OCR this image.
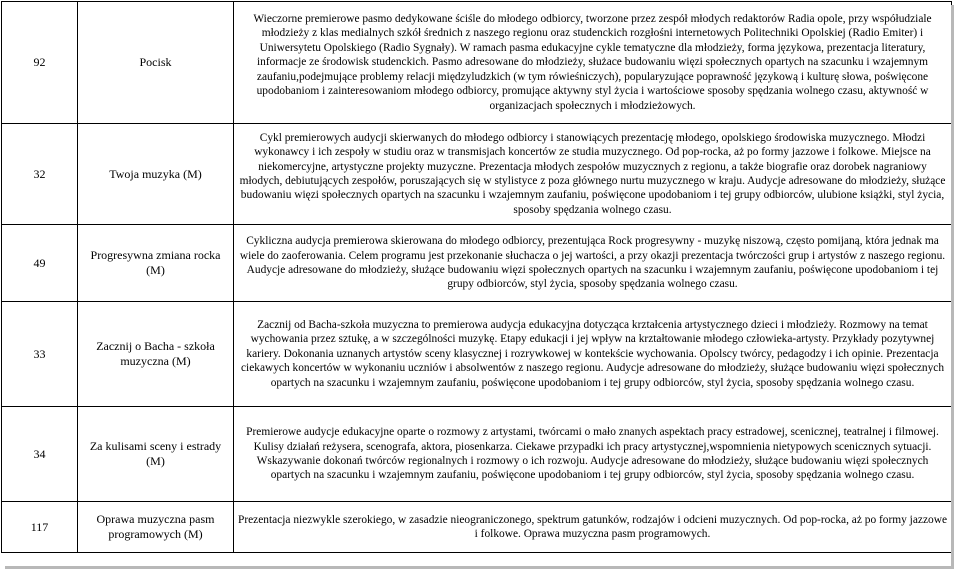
92	Pocisk	Wieczorne premierowe pasmo dedykowane ściśle do młodego odbiorcy, tworzone przez zespół młodych redaktorów Radia opole, przy współudziale młodzieży z klas medialnych szkół średnich z naszego regionu oraz studenckich rozgłośni internetowych Politechniki Opolskiej (Radio Emiter) i Uniwersytetu Opolskiego (Radio Sygnały). W ramach pasma edukacyjne cykle tematyczne dla młodzieży, forma językowa, prezentacja literatury, informacje ze środowisk studenckich. Pasmo adresowane do młodzieży, służace budowaniu więzi społecznych opartych na szacunku i wzajemnym zaufaniu,podejmujące problemy relacji międzyludzkich (w tym rówieśniczych), popularyzujące poprawność językową i kulturę słowa, poświęcone upodobaniom i zainteresowaniom młodego odbiorcy, promujące aktywny styl życia i wartościowe sposoby spędzania wolnego czasu, aktywność w organizacjach społecznych i młodzieżowych.
32	Twoja muzyka (M)	Cykl premierowych audycji skierwanych do młodego odbiorcy i stanowiących prezentację młodego, opolskiego środowiska muzycznego. Młodzi wykonawcy i ich zespoły w studiu oraz w transmisjach koncertów ze studia muzycznego. Od pop-rocka, aż po formy jazzowe i folkowe. Miejsce na niekomercyjne, artystyczne projekty muzyczne. Prezentacja młodych zespołów muzycznych z regionu, a także biografie oraz dorobek nagraniowy młodych, debiutujących zespołów, poruszających się w stylistyce z poza głównego nurtu muzycznego w kraju. Audycje adresowane do młodzieży, służące budowaniu więzi społecznych opartych na szacunku i wzajemnym zaufaniu, poświęcone upodobaniom i tej grupy odbiorców, ulubione książki, styl życia, sposoby spędzania wolnego czasu.
49	Progresywna zmiana rocka (M)	Cykliczna audycja premierowa skierowana do młodego odbiorcy, prezentująca Rock progresywny - muzykę niszową, często pomijaną, która jednak ma wiele do zaoferowania. Celem programu jest przekonanie słuchacza o jej wartości, a przy okazji prezentacja twórczości grup i artystów z naszego regionu. Audycje adresowane do młodzieży, służące budowaniu więzi społecznych opartych na szacunku i wzajemnym zaufaniu, poświęcone upodobaniom i tej grupy odbiorców, styl życia, sposoby spędzania wolnego czasu.
33	Zacznij o Bacha - szkoła muzyczna (M)	Zacznij od Bacha-szkoła muzyczna to premierowa audycja edukacyjna dotycząca krztałcenia artystycznego dzieci i młodzieży. Rozmowy na temat wychowania przez sztukę, a w szczególności muzykę. Etapy edukacji i jej wpływ na krztałtowanie młodego człowieka-artysty. Przykłady pozytywnej kariery. Dokonania uznanych artystów sceny klasycznej i rozrywkowej w kontekście wychowania. Opolscy twórcy, pedagodzy i ich opinie. Prezentacja ciekawych koncertów w wykonaniu uczniów i absolwentów z naszego regionu. Audycje adresowane do młodzieży, służące budowaniu więzi społecznych opartych na szacunku i wzajemnym zaufaniu, poświęcone upodobaniom i tej grupy odbiorców, styl życia, sposoby spędzania wolnego czasu.
34	Za kulisami sceny i estrady (M)	Premierowe audycje edukacyjne oparte o rozmowy z artystami, twórcami o mało znanych aspektach pracy estradowej, scenicznej, teatralnej i filmowej. Kulisy działań reżysera, scenografa, aktora, piosenkarza. Ciekawe przypadki ich pracy artystycznej,wspomnienia nietypowych scenicznych sytuacji. Wskazywanie dokonań twórców regionalnych i rozmowy o ich rozwoju. Audycje adresowane do młodzieży, służące budowaniu więzi społecznych opartych na szacunku i wzajemnym zaufaniu, poświęcone upodobaniom i tej grupy odbiorców, styl życia, sposoby spędzania wolnego czasu.
117	Oprawa muzyczna pasm programowych (M)	Prezentacja niezwykle szerokiego, w zasadzie nieograniczonego, spektrum gatunków, rodzajów i odcieni muzycznych. Od pop-rocka, aż po formy jazzowe i folkowe. Oprawa muzyczna pasm programowych.
